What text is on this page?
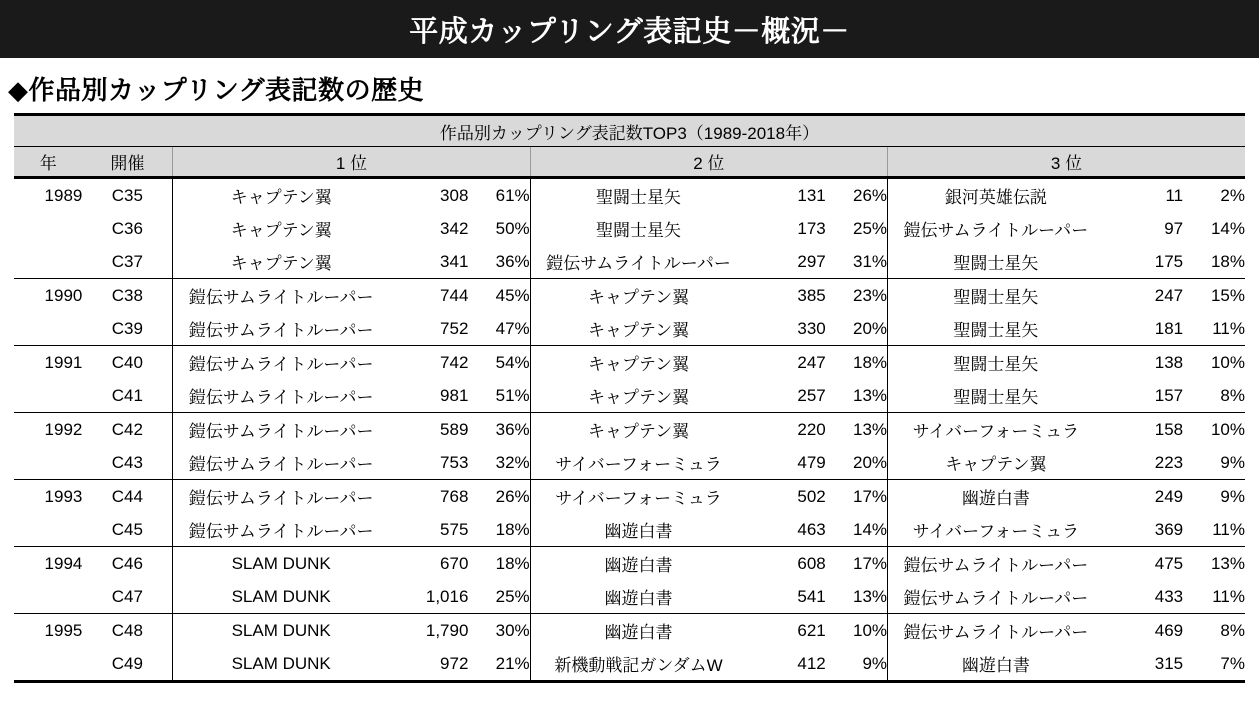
平成カップリング表記史－概況－
◆作品別カップリング表記数の歴史
作品別カップリング表記数TOP3（1989-2018年）										
年	開催	1 位			2 位			3 位		
1989	C35	キャプテン翼	308	61%	聖闘士星矢	131	26%	銀河英雄伝説	11	2%
	C36	キャプテン翼	342	50%	聖闘士星矢	173	25%	鎧伝サムライトルーパー	97	14%
	C37	キャプテン翼	341	36%	鎧伝サムライトルーパー	297	31%	聖闘士星矢	175	18%
1990	C38	鎧伝サムライトルーパー	744	45%	キャプテン翼	385	23%	聖闘士星矢	247	15%
	C39	鎧伝サムライトルーパー	752	47%	キャプテン翼	330	20%	聖闘士星矢	181	11%
1991	C40	鎧伝サムライトルーパー	742	54%	キャプテン翼	247	18%	聖闘士星矢	138	10%
	C41	鎧伝サムライトルーパー	981	51%	キャプテン翼	257	13%	聖闘士星矢	157	8%
1992	C42	鎧伝サムライトルーパー	589	36%	キャプテン翼	220	13%	サイバーフォーミュラ	158	10%
	C43	鎧伝サムライトルーパー	753	32%	サイバーフォーミュラ	479	20%	キャプテン翼	223	9%
1993	C44	鎧伝サムライトルーパー	768	26%	サイバーフォーミュラ	502	17%	幽遊白書	249	9%
	C45	鎧伝サムライトルーパー	575	18%	幽遊白書	463	14%	サイバーフォーミュラ	369	11%
1994	C46	SLAM DUNK	670	18%	幽遊白書	608	17%	鎧伝サムライトルーパー	475	13%
	C47	SLAM DUNK	1,016	25%	幽遊白書	541	13%	鎧伝サムライトルーパー	433	11%
1995	C48	SLAM DUNK	1,790	30%	幽遊白書	621	10%	鎧伝サムライトルーパー	469	8%
	C49	SLAM DUNK	972	21%	新機動戦記ガンダムW	412	9%	幽遊白書	315	7%
